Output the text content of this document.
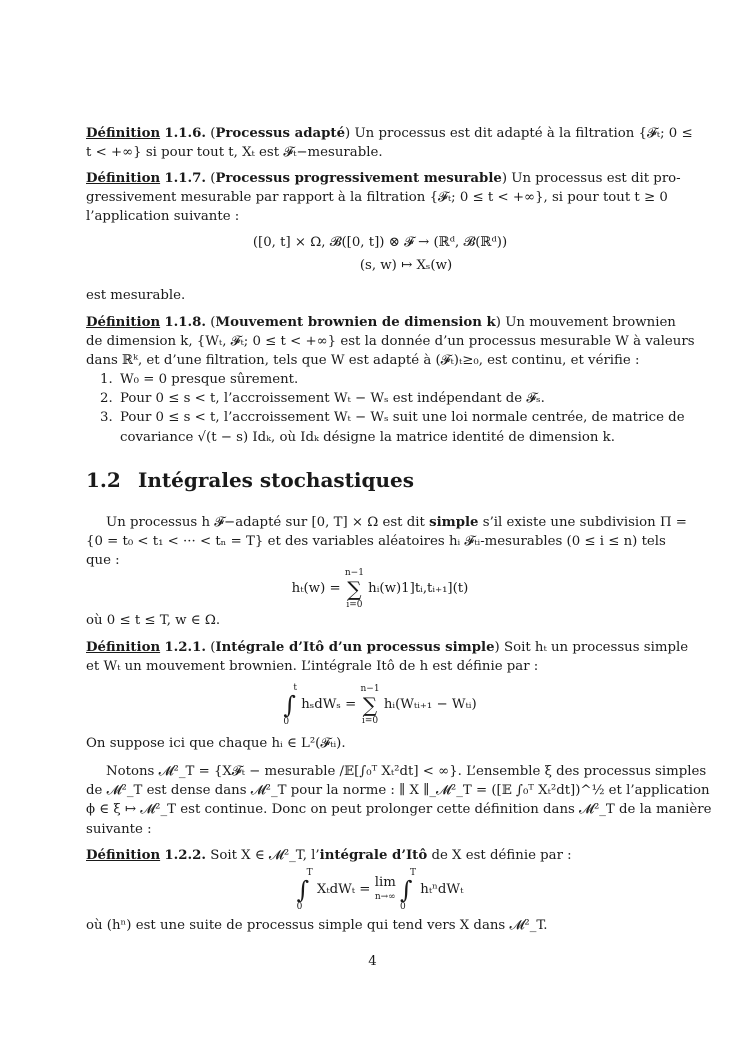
Définition 1.1.6. (Processus adapté) Un processus est dit adapté à la filtration {𝓕ₜ; 0 ≤
t < +∞} si pour tout t, Xₜ est 𝓕ₜ−mesurable.
Définition 1.1.7. (Processus progressivement mesurable) Un processus est dit pro-
gressivement mesurable par rapport à la filtration {𝓕ₜ; 0 ≤ t < +∞}, si pour tout t ≥ 0
l’application suivante :

([0, t] × Ω, 𝓑([0, t]) ⊗ 𝓕 → (ℝᵈ, 𝓑(ℝᵈ))

(s, w) ↦ Xₛ(w)

est mesurable.

Définition 1.1.8. (Mouvement brownien de dimension k) Un mouvement brownien
de dimension k, {Wₜ, 𝓕ₜ; 0 ≤ t < +∞} est la donnée d’un processus mesurable W à valeurs
dans ℝᵏ, et d’une filtration, tels que W est adapté à (𝓕ₜ)ₜ≥₀, est continu, et vérifie :
1. W₀ = 0 presque sûrement.
2. Pour 0 ≤ s < t, l’accroissement Wₜ − Wₛ est indépendant de 𝓕ₛ.
3. Pour 0 ≤ s < t, l’accroissement Wₜ − Wₛ suit une loi normale centrée, de matrice de
covariance √(t − s) Idₖ, où Idₖ désigne la matrice identité de dimension k.
1.2 Intégrales stochastiques
Un processus h 𝓕−adapté sur [0, T] × Ω est dit simple s’il existe une subdivision Π =
{0 = t₀ < t₁ < ··· < tₙ = T} et des variables aléatoires hᵢ 𝓕ₜᵢ-mesurables (0 ≤ i ≤ n) tels
que :
hₜ(w) =
n−1
∑
i=0
hᵢ(w)1]tᵢ,tᵢ₊₁](t)

où 0 ≤ t ≤ T, w ∈ Ω.

Définition 1.2.1. (Intégrale d’Itô d’un processus simple) Soit hₜ un processus simple
et Wₜ un mouvement brownien. L’intégrale Itô de h est définie par :
t
∫
0
hₛdWₛ =
n−1
∑
i=0
hᵢ(Wₜᵢ₊₁ − Wₜᵢ)

On suppose ici que chaque hᵢ ∈ L²(𝓕ₜᵢ).

Notons 𝓜²_T = {X𝓕ₜ − mesurable /𝔼[∫₀ᵀ Xₜ²dt] < ∞}. L’ensemble ξ des processus simples
de 𝓜²_T est dense dans 𝓜²_T pour la norme : ∥ X ∥_𝓜²_T = ([𝔼 ∫₀ᵀ Xₜ²dt])^½ et l’application
ϕ ∈ ξ ↦ 𝓜²_T est continue. Donc on peut prolonger cette définition dans 𝓜²_T de la manière
suivante :
Définition 1.2.2. Soit X ∈ 𝓜²_T, l’intégrale d’Itô de X est définie par :
T
∫
0
XₜdWₜ = lim
n→∞

T
∫
0
hₜⁿdWₜ

où (hⁿ) est une suite de processus simple qui tend vers X dans 𝓜²_T.

4
